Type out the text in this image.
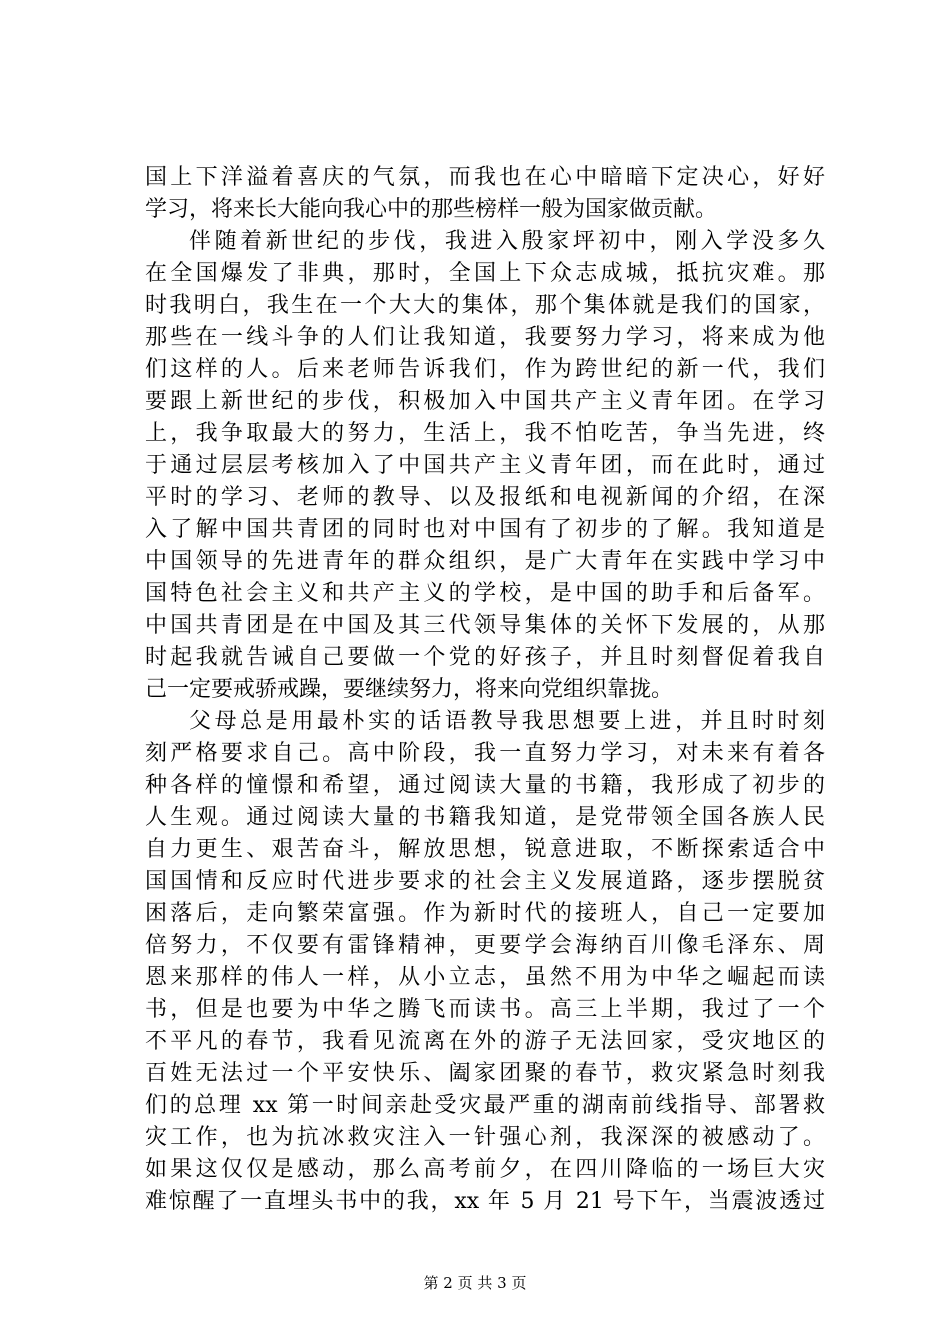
国上下洋溢着喜庆的气氛，而我也在心中暗暗下定决心，好好
学习，将来长大能向我心中的那些榜样一般为国家做贡献。
伴随着新世纪的步伐，我进入殷家坪初中，刚入学没多久
在全国爆发了非典，那时，全国上下众志成城，抵抗灾难。那
时我明白，我生在一个大大的集体，那个集体就是我们的国家，
那些在一线斗争的人们让我知道，我要努力学习，将来成为他
们这样的人。后来老师告诉我们，作为跨世纪的新一代，我们
要跟上新世纪的步伐，积极加入中国共产主义青年团。在学习
上，我争取最大的努力，生活上，我不怕吃苦，争当先进，终
于通过层层考核加入了中国共产主义青年团，而在此时，通过
平时的学习、老师的教导、以及报纸和电视新闻的介绍，在深
入了解中国共青团的同时也对中国有了初步的了解。我知道是
中国领导的先进青年的群众组织，是广大青年在实践中学习中
国特色社会主义和共产主义的学校，是中国的助手和后备军。
中国共青团是在中国及其三代领导集体的关怀下发展的，从那
时起我就告诫自己要做一个党的好孩子，并且时刻督促着我自
己一定要戒骄戒躁，要继续努力，将来向党组织靠拢。
父母总是用最朴实的话语教导我思想要上进，并且时时刻
刻严格要求自己。高中阶段，我一直努力学习，对未来有着各
种各样的憧憬和希望，通过阅读大量的书籍，我形成了初步的
人生观。通过阅读大量的书籍我知道，是党带领全国各族人民
自力更生、艰苦奋斗，解放思想，锐意进取，不断探索适合中
国国情和反应时代进步要求的社会主义发展道路，逐步摆脱贫
困落后，走向繁荣富强。作为新时代的接班人，自己一定要加
倍努力，不仅要有雷锋精神，更要学会海纳百川像毛泽东、周
恩来那样的伟人一样，从小立志，虽然不用为中华之崛起而读
书，但是也要为中华之腾飞而读书。高三上半期，我过了一个
不平凡的春节，我看见流离在外的游子无法回家，受灾地区的
百姓无法过一个平安快乐、阖家团聚的春节，救灾紧急时刻我
们的总理 xx 第一时间亲赴受灾最严重的湖南前线指导、部署救
灾工作，也为抗冰救灾注入一针强心剂，我深深的被感动了。
如果这仅仅是感动，那么高考前夕，在四川降临的一场巨大灾
难惊醒了一直埋头书中的我，xx 年 5 月 21 号下午，当震波透过
第 2 页 共 3 页
